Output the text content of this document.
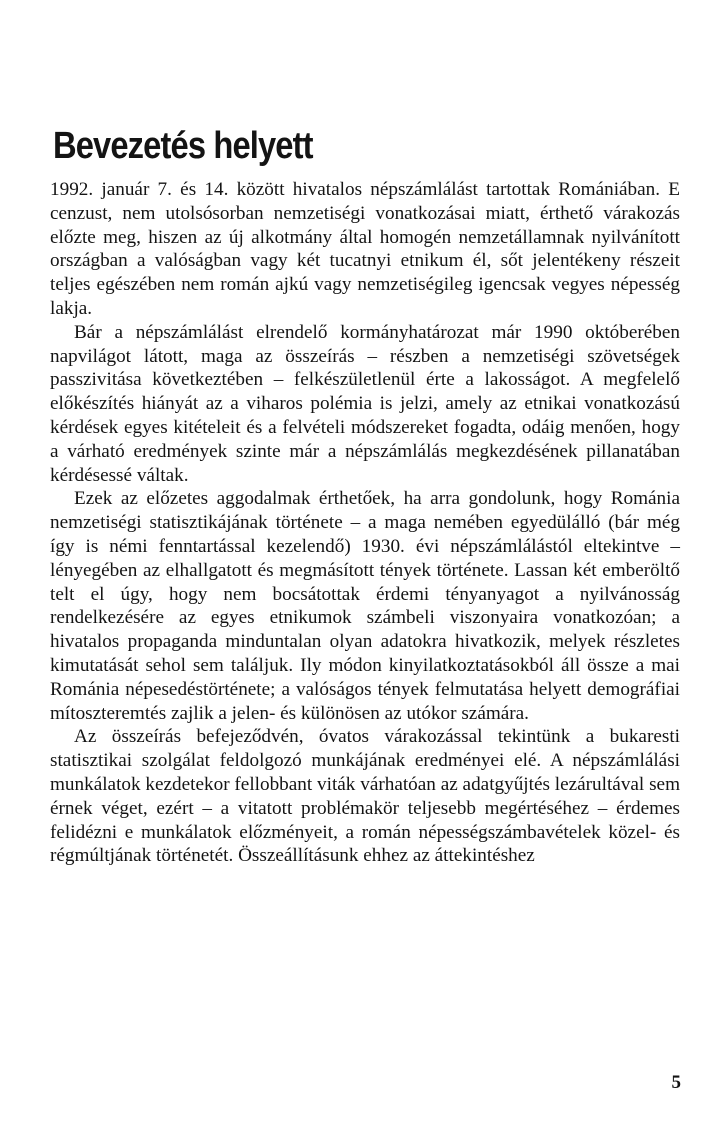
Bevezetés helyett

1992. január 7. és 14. között hivatalos népszámlálást tartottak Romániában. E cenzust, nem utolsósorban nemzetiségi vonatkozásai miatt, érthető várakozás előzte meg, hiszen az új alkotmány által homogén nemzetállamnak nyilvánított országban a valóságban vagy két tucatnyi etnikum él, sőt jelentékeny részeit teljes egészében nem román ajkú vagy nemzetiségileg igencsak vegyes népesség lakja.

Bár a népszámlálást elrendelő kormányhatározat már 1990 októberében napvilágot látott, maga az összeírás – részben a nemzetiségi szövetségek passzivitása következtében – felkészületlenül érte a lakosságot. A megfelelő előkészítés hiányát az a viharos polémia is jelzi, amely az etnikai vonatkozású kérdések egyes kitételeit és a felvételi módszereket fogadta, odáig menően, hogy a várható eredmények szinte már a népszámlálás megkezdésének pillanatában kérdésessé váltak.

Ezek az előzetes aggodalmak érthetőek, ha arra gondolunk, hogy Románia nemzetiségi statisztikájának története – a maga nemében egyedülálló (bár még így is némi fenntartással kezelendő) 1930. évi népszámlálástól eltekintve – lényegében az elhallgatott és megmásított tények története. Lassan két emberöltő telt el úgy, hogy nem bocsátottak érdemi tényanyagot a nyilvánosság rendelkezésére az egyes etnikumok számbeli viszonyaira vonatkozóan; a hivatalos propaganda minduntalan olyan adatokra hivatkozik, melyek részletes kimutatását sehol sem találjuk. Ily módon kinyilatkoztatásokból áll össze a mai Románia népesedéstörténete; a valóságos tények felmutatása helyett demográfiai mítoszteremtés zajlik a jelen- és különösen az utókor számára.

Az összeírás befejeződvén, óvatos várakozással tekintünk a bukaresti statisztikai szolgálat feldolgozó munkájának eredményei elé. A népszámlálási munkálatok kezdetekor fellobbant viták várhatóan az adatgyűjtés lezárultával sem érnek véget, ezért – a vitatott problémakör teljesebb megértéséhez – érdemes felidézni e munkálatok előzményeit, a román népességszámbavételek közel- és régmúltjának történetét. Összeállításunk ehhez az áttekintéshez

5
